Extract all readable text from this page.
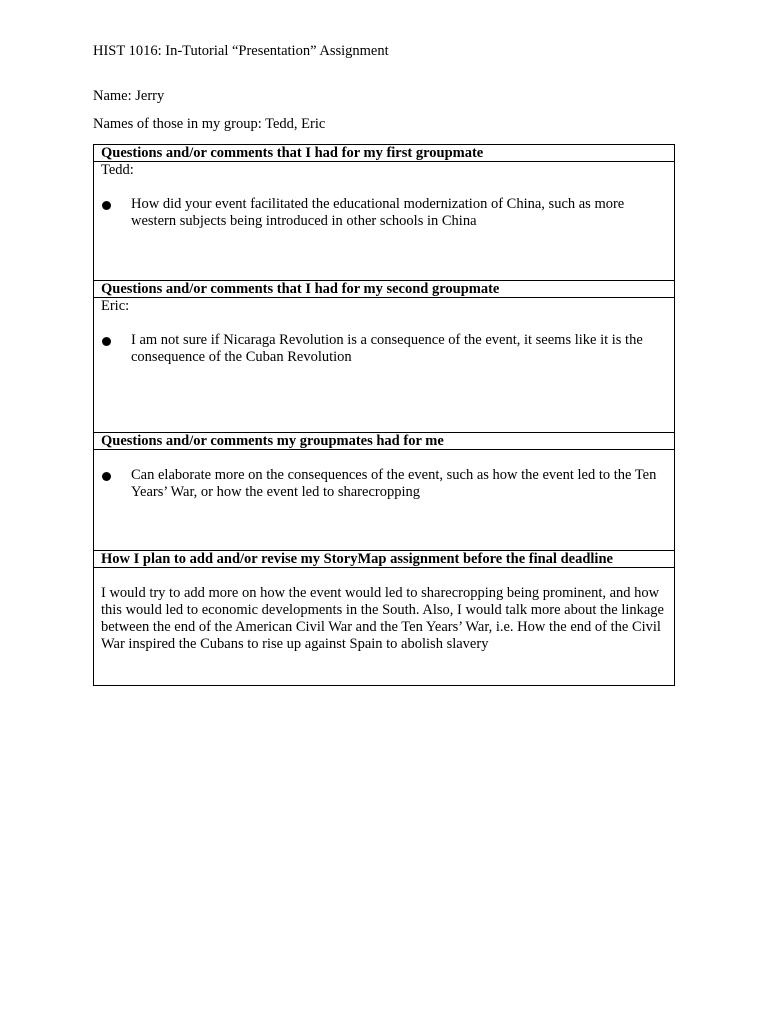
HIST 1016: In-Tutorial “Presentation” Assignment
Name: Jerry
Names of those in my group: Tedd, Eric
Questions and/or comments that I had for my first groupmate
Tedd:
How did your event facilitated the educational modernization of China, such as more western subjects being introduced in other schools in China
Questions and/or comments that I had for my second groupmate
Eric:
I am not sure if Nicaraga Revolution is a consequence of the event, it seems like it is the consequence of the Cuban Revolution
Questions and/or comments my groupmates had for me
Can elaborate more on the consequences of the event, such as how the event led to the Ten Years’ War, or how the event led to sharecropping
How I plan to add and/or revise my StoryMap assignment before the final deadline
I would try to add more on how the event would led to sharecropping being prominent, and how this would led to economic developments in the South. Also, I would talk more about the linkage between the end of the American Civil War and the Ten Years’ War, i.e. How the end of the Civil War inspired the Cubans to rise up against Spain to abolish slavery
